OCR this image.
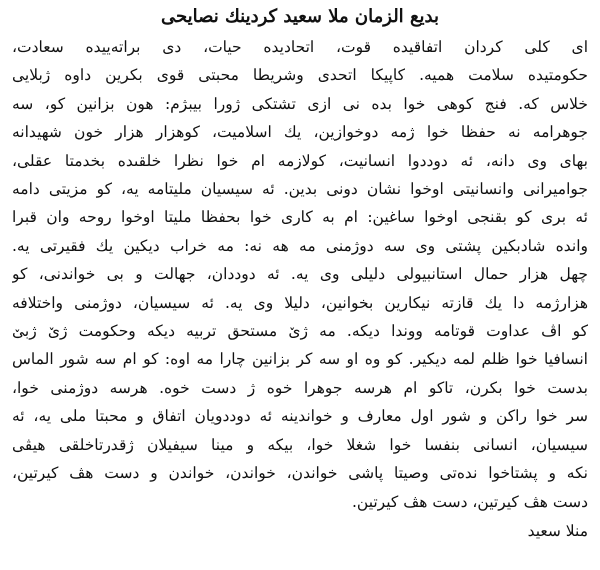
بديع الزمان ملا سعيد كردينك نصايحى
اى كلى كردان اتفاقيده قوت، اتحاديده حيات، دى براتەييده سعادت،
حكومتيده سلامت هميه. كاپيكا اتحدى وشريطا محبتى قوى بكرين داوه ژبلايى
خلاس كه. فنج كوهى خوا بده نى ازى تشتكى ژورا بيبژم: هون بزانين كو، سه
جوهرامه نه حفظا خوا ژمه دوخوازين، يك اسلاميت، كوهزار هزار خون شهيدانه
بهاى وى دانه، ئه دوددوا انسانيت، كولازمه ام خوا نظرا خلقىده بخدمتا عقلى،
جواميرانى وانسانيتى اوخوا نشان دونى بدين. ئه سيسيان مليتامه يه، كو مزيتى دامه
ئه برى كو بقنجى اوخوا ساغين: ام به كارى خوا بحفظا مليتا اوخوا روحه وان قبرا
وانده شادبكين پشتى وى سه دوژمنى مه هه نه: مه خراب ديكين يك فقيرتى يه.
چهل هزار حمال استانبيولى دليلى وى يه. ئه دوددان، جهالت و بى خواندنى، كو
هزارژمه دا يك قازته نيكارين بخوانين، دليلا وى يه. ئه سيسيان، دوژمنى واختلافه
كو اڤ عداوت قوتامه ووندا ديكه. مه ژێ مستحق تربيه ديكه وحكومت ژێ ژبێ
انسافيا خوا ظلم لمه ديكير. كو وه او سه كر بزانين چارا مه اوه: كو ام سه شور الماس
بدست خوا بكرن، تاكو ام هرسه جوهرا خوه ژ دست خوه. هرسه دوژمنى خوا،
سر خوا راكن و شور اول معارف و خواندينه ئه دوددويان اتفاق و محبتا ملى يه، ئه
سيسيان، انسانى بنفسا خوا شغلا خوا، بيكه و مينا سيفيلان ژقدرتاخلقى هيڤى
نكه و پشتاخوا ندەتى وصيتا پاشى خواندن، خواندن، خواندن و دست هڤ كيرتين،
دست هڤ كيرتين، دست هڤ كيرتين.
منلا سعيد
